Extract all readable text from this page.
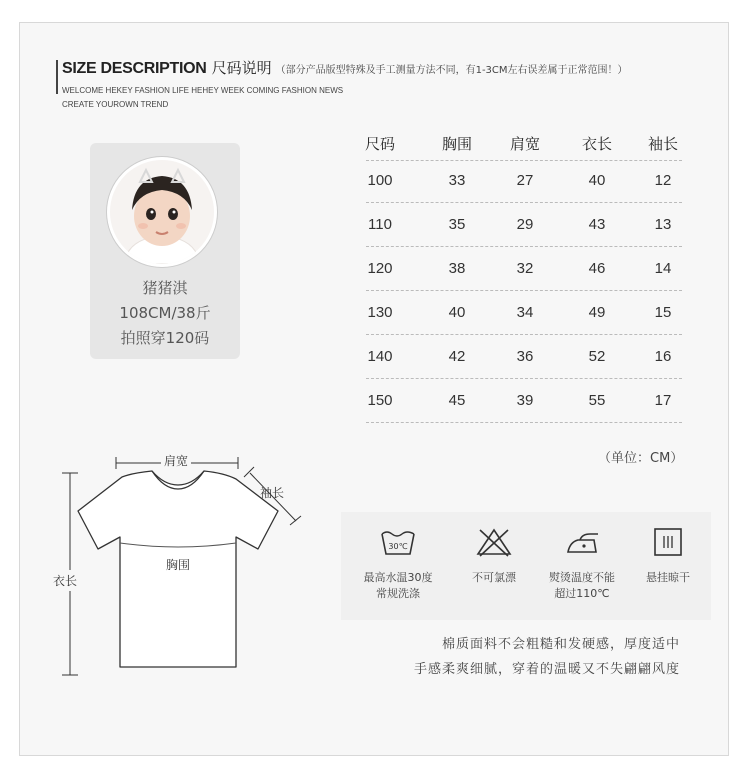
SIZE DESCRIPTION 尺码说明 （部分产品版型特殊及手工测量方法不同，有1-3CM左右误差属于正常范围！）
WELCOME HEKEY FASHION LIFE HEHEY WEEK COMING FASHION NEWS
CREATE YOUROWN TREND
猪猪淇
108CM/38斤
拍照穿120码
尺码	胸围	肩宽	衣长	袖长
100	33	27	40	12
110	35	29	43	13
120	38	32	46	14
130	40	34	49	15
140	42	36	52	16
150	45	39	55	17
（单位：CM）
肩宽
袖长
胸围
衣长
30℃
最高水温30度
常规洗涤
不可氯漂	熨烫温度不能
超过110℃
悬挂晾干
棉质面料不会粗糙和发硬感，厚度适中
手感柔爽细腻，穿着的温暖又不失翩翩风度
